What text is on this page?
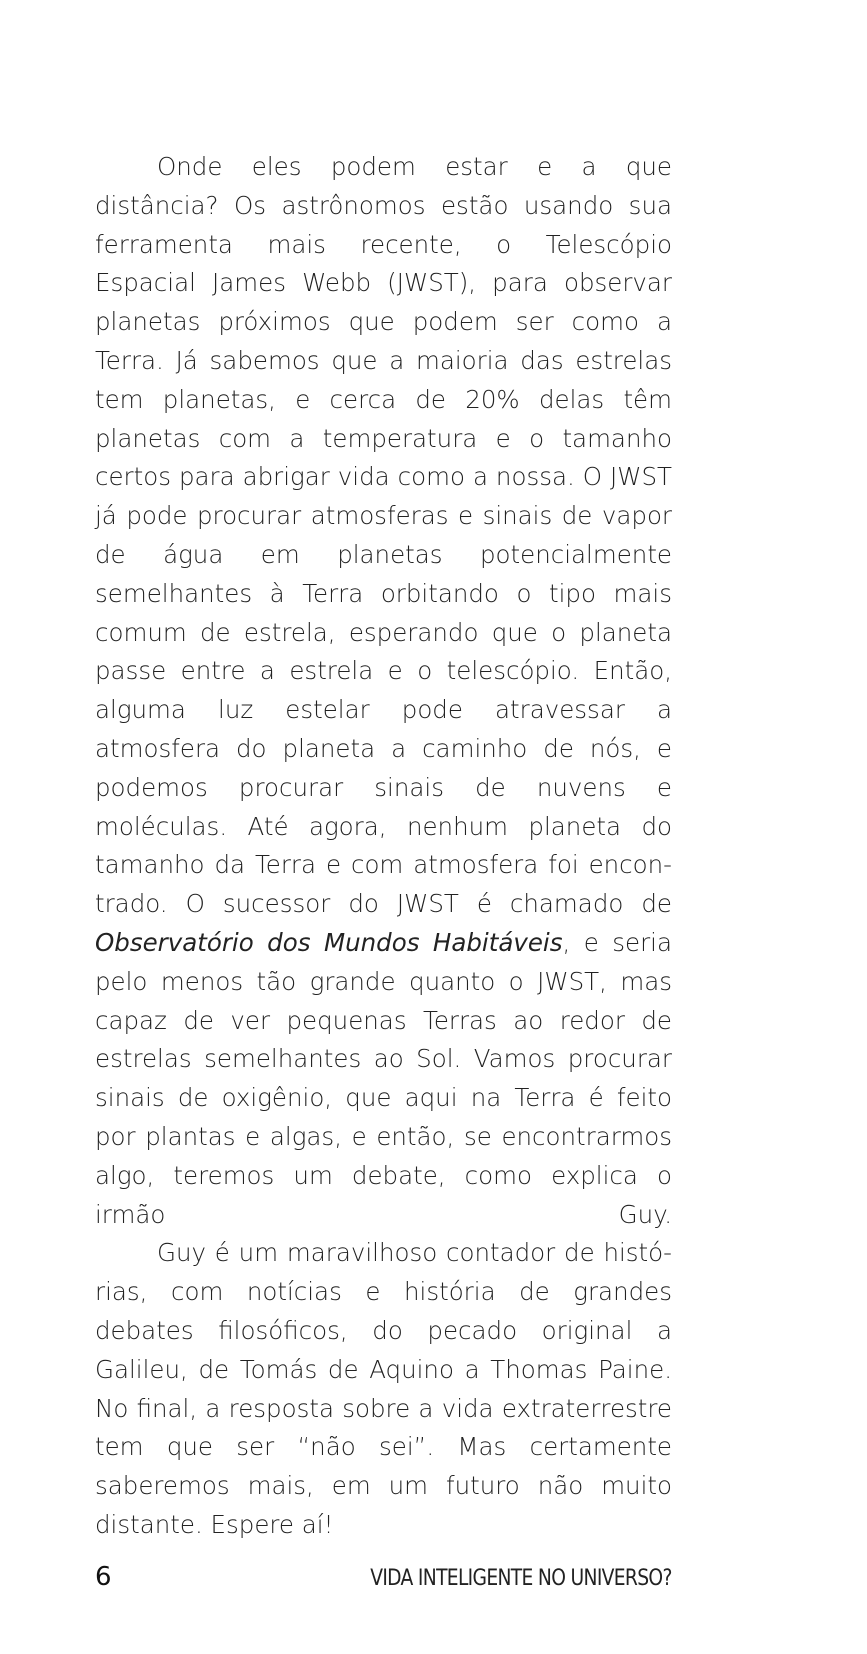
Onde eles podem estar e a que distância? Os astrônomos estão usando sua ferramenta mais recente, o Telescópio Espacial James Webb (JWST), para observar planetas próximos que podem ser como a Terra. Já sabemos que a maioria das estrelas tem planetas, e cerca de 20% delas têm planetas com a temperatura e o tamanho certos para abrigar vida como a nossa. O JWST já pode procurar atmosferas e sinais de vapor de água em planetas potencialmente semelhantes à Terra orbitando o tipo mais comum de estrela, esperando que o planeta passe entre a estrela e o telescópio. Então, alguma luz estelar pode atravessar a atmosfera do planeta a caminho de nós, e podemos procurar sinais de nuvens e moléculas. Até agora, nenhum planeta do tamanho da Terra e com atmosfera foi encontrado. O sucessor do JWST é chamado de Observatório dos Mundos Habitáveis, e seria pelo menos tão grande quanto o JWST, mas capaz de ver pequenas Terras ao redor de estrelas semelhantes ao Sol. Vamos procurar sinais de oxigênio, que aqui na Terra é feito por plantas e algas, e então, se encontrarmos algo, teremos um debate, como explica o irmão Guy.

Guy é um maravilhoso contador de histórias, com notícias e história de grandes debates filosóficos, do pecado original a Galileu, de Tomás de Aquino a Thomas Paine. No final, a resposta sobre a vida extraterrestre tem que ser “não sei”. Mas certamente saberemos mais, em um futuro não muito distante. Espere aí!

6	VIDA INTELIGENTE NO UNIVERSO?
